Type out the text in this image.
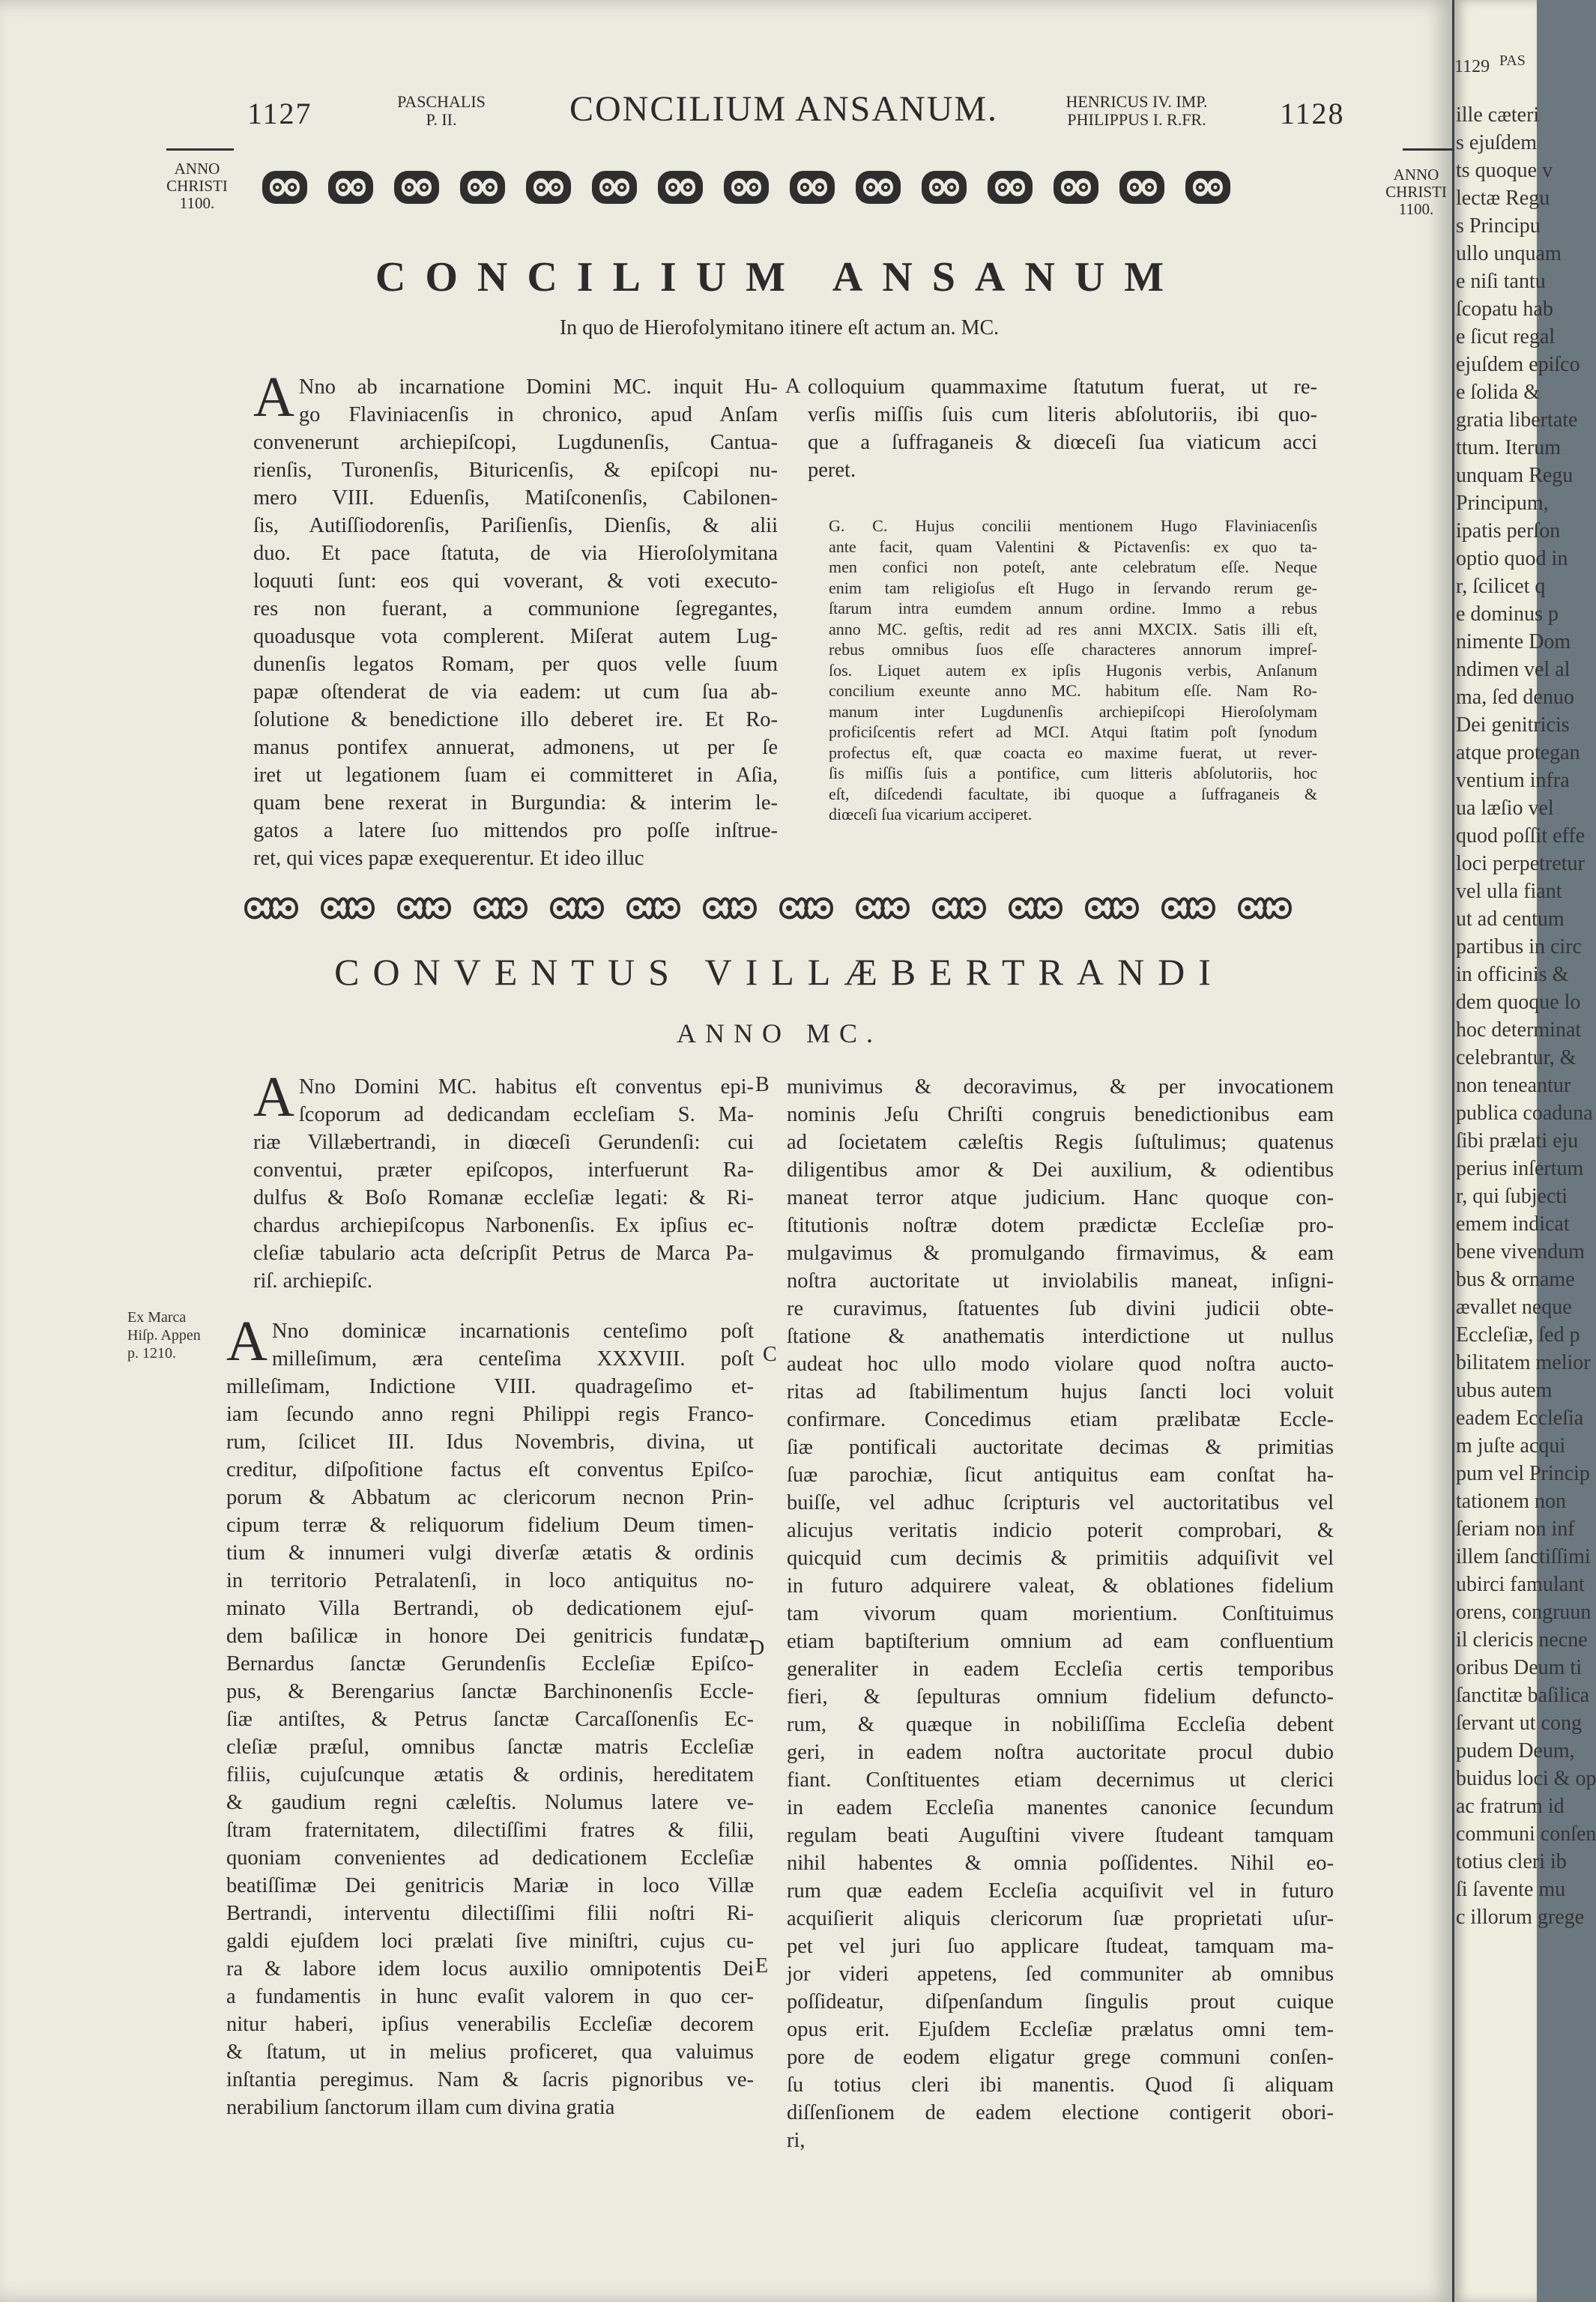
1127	PASCHALIS
P. II.	CONCILIUM ANSANUM.	HENRICUS IV. IMP.
PHILIPPUS I. R.FR.	1128
ANNO
CHRISTI
1100.
ANNO
CHRISTI
1100.
CONCILIUM ANSANUM
In quo de Hierofolymitano itinere eſt actum an. MC.
A Nno ab incarnatione Domini MC. inquit Hu-
go Flaviniacenſis in chronico, apud Anſam
convenerunt archiepiſcopi, Lugdunenſis, Cantua-
rienſis, Turonenſis, Bituricenſis, & epiſcopi nu-
mero VIII. Eduenſis, Matiſconenſis, Cabilonen-
ſis, Autiſſiodorenſis, Pariſienſis, Dienſis, & alii
duo. Et pace ſtatuta, de via Hieroſolymitana
loquuti ſunt: eos qui voverant, & voti executo-
res non fuerant, a communione ſegregantes,
quoadusque vota complerent. Miſerat autem Lug-
dunenſis legatos Romam, per quos velle ſuum
papæ oſtenderat de via eadem: ut cum ſua ab-
ſolutione & benedictione illo deberet ire. Et Ro-
manus pontifex annuerat, admonens, ut per ſe
iret ut legationem ſuam ei committeret in Aſia,
quam bene rexerat in Burgundia: & interim le-
gatos a latere ſuo mittendos pro poſſe inſtrue-
ret, qui vices papæ exequerentur. Et ideo illuc
A colloquium quammaxime ſtatutum fuerat, ut re-
verſis miſſis ſuis cum literis abſolutoriis, ibi quo-
que a ſuffraganeis & diœceſi ſua viaticum acci
peret.
G. C. Hujus concilii mentionem Hugo Flaviniacenſis
ante facit, quam Valentini & Pictavenſis: ex quo ta-
men confici non poteſt, ante celebratum eſſe. Neque
enim tam religioſus eſt Hugo in ſervando rerum ge-
ſtarum intra eumdem annum ordine. Immo a rebus
anno MC. geſtis, redit ad res anni MXCIX. Satis illi eſt,
rebus omnibus ſuos eſſe characteres annorum impreſ-
ſos. Liquet autem ex ipſis Hugonis verbis, Anſanum
concilium exeunte anno MC. habitum eſſe. Nam Ro-
manum inter Lugdunenſis archiepiſcopi Hieroſolymam
proficiſcentis refert ad MCI. Atqui ſtatim poſt ſynodum
profectus eſt, quæ coacta eo maxime fuerat, ut rever-
ſis miſſis ſuis a pontifice, cum litteris abſolutoriis, hoc
eſt, diſcedendi facultate, ibi quoque a ſuffraganeis &
diœceſi ſua vicarium acciperet.
CONVENTUS VILLÆBERTRANDI
ANNO MC.
A Nno Domini MC. habitus eſt conventus epi-
ſcoporum ad dedicandam eccleſiam S. Ma-
riæ Villæbertrandi, in diœceſi Gerundenſi: cui
conventui, præter epiſcopos, interfuerunt Ra-
dulfus & Boſo Romanæ eccleſiæ legati: & Ri-
chardus archiepiſcopus Narbonenſis. Ex ipſius ec-
cleſiæ tabulario acta deſcripſit Petrus de Marca Pa-
riſ. archiepiſc.
Ex Marca
Hiſp. Appen
p. 1210. A Nno dominicæ incarnationis centeſimo poſt
milleſimum, æra centeſima XXXVIII. poſt
milleſimam, Indictione VIII. quadrageſimo et-
iam ſecundo anno regni Philippi regis Franco-
rum, ſcilicet III. Idus Novembris, divina, ut
creditur, diſpoſitione factus eſt conventus Epiſco-
porum & Abbatum ac clericorum necnon Prin-
cipum terræ & reliquorum fidelium Deum timen-
tium & innumeri vulgi diverſæ ætatis & ordinis
in territorio Petralatenſi, in loco antiquitus no-
minato Villa Bertrandi, ob dedicationem ejuſ-
dem baſilicæ in honore Dei genitricis fundatæ.
Bernardus ſanctæ Gerundenſis Eccleſiæ Epiſco-
pus, & Berengarius ſanctæ Barchinonenſis Eccle-
ſiæ antiſtes, & Petrus ſanctæ Carcaſſonenſis Ec-
cleſiæ præſul, omnibus ſanctæ matris Eccleſiæ
filiis, cujuſcunque ætatis & ordinis, hereditatem
& gaudium regni cæleſtis. Nolumus latere ve-
ſtram fraternitatem, dilectiſſimi fratres & filii,
quoniam convenientes ad dedicationem Eccleſiæ
beatiſſimæ Dei genitricis Mariæ in loco Villæ
Bertrandi, interventu dilectiſſimi filii noſtri Ri-
galdi ejuſdem loci prælati ſive miniſtri, cujus cu-
ra & labore idem locus auxilio omnipotentis Dei
a fundamentis in hunc evaſit valorem in quo cer-
nitur haberi, ipſius venerabilis Eccleſiæ decorem
& ſtatum, ut in melius proficeret, qua valuimus
inſtantia peregimus. Nam & ſacris pignoribus ve-
nerabilium ſanctorum illam cum divina gratia
B
C
D
E
munivimus & decoravimus, & per invocationem
nominis Jeſu Chriſti congruis benedictionibus eam
ad ſocietatem cæleſtis Regis ſuſtulimus; quatenus
diligentibus amor & Dei auxilium, & odientibus
maneat terror atque judicium. Hanc quoque con-
ſtitutionis noſtræ dotem prædictæ Eccleſiæ pro-
mulgavimus & promulgando firmavimus, & eam
noſtra auctoritate ut inviolabilis maneat, inſigni-
re curavimus, ſtatuentes ſub divini judicii obte-
ſtatione & anathematis interdictione ut nullus
audeat hoc ullo modo violare quod noſtra aucto-
ritas ad ſtabilimentum hujus ſancti loci voluit
confirmare. Concedimus etiam prælibatæ Eccle-
ſiæ pontificali auctoritate decimas & primitias
ſuæ parochiæ, ſicut antiquitus eam conſtat ha-
buiſſe, vel adhuc ſcripturis vel auctoritatibus vel
alicujus veritatis indicio poterit comprobari, &
quicquid cum decimis & primitiis adquiſivit vel
in futuro adquirere valeat, & oblationes fidelium
tam vivorum quam morientium. Conſtituimus
etiam baptiſterium omnium ad eam confluentium
generaliter in eadem Eccleſia certis temporibus
fieri, & ſepulturas omnium fidelium defuncto-
rum, & quæque in nobiliſſima Eccleſia debent
geri, in eadem noſtra auctoritate procul dubio
fiant. Conſtituentes etiam decernimus ut clerici
in eadem Eccleſia manentes canonice ſecundum
regulam beati Auguſtini vivere ſtudeant tamquam
nihil habentes & omnia poſſidentes. Nihil eo-
rum quæ eadem Eccleſia acquiſivit vel in futuro
acquiſierit aliquis clericorum ſuæ proprietati uſur-
pet vel juri ſuo applicare ſtudeat, tamquam ma-
jor videri appetens, ſed communiter ab omnibus
poſſideatur, diſpenſandum ſingulis prout cuique
opus erit. Ejuſdem Eccleſiæ prælatus omni tem-
pore de eodem eligatur grege communi conſen-
ſu totius cleri ibi manentis. Quod ſi aliquam
diſſenſionem de eadem electione contigerit obori-
ri,
1129 PAS
ille cæteri
s ejuſdem
ts quoque v
lectæ Regu
s Principu
ullo unquam
e niſi tantu
ſcopatu hab
e ſicut regal
ejuſdem epiſco
e ſolida &
gratia libertate
ttum. Iterum
unquam Regu
Principum,
ipatis perſon
optio quod in
r, ſcilicet q
e dominus p
nimente Dom
ndimen vel al
ma, ſed denuo
Dei genitricis
atque protegan
ventium infra
ua læſio vel
quod poſſit effe
loci perpetretur
vel ulla fiant
ut ad centum
partibus in circ
in officinis &
dem quoque lo
hoc determinat
celebrantur, &
non teneantur
publica coaduna
ſibi prælati eju
perius inſertum
r, qui ſubjecti
emem indicat
bene vivendum
bus & orname
ævallet neque
Eccleſiæ, ſed p
bilitatem melior
ubus autem
eadem Eccleſia
m juſte acqui
pum vel Princip
tationem non
ſeriam non inf
illem ſanctiſſimi
ubirci famulant
orens, congruun
il clericis necne
oribus Deum ti
ſanctitæ baſilica
ſervant ut cong
pudem Deum,
buidus loci & op
ac fratrum id
communi conſen
totius cleri ib
ſi ſavente mu
c illorum grege
